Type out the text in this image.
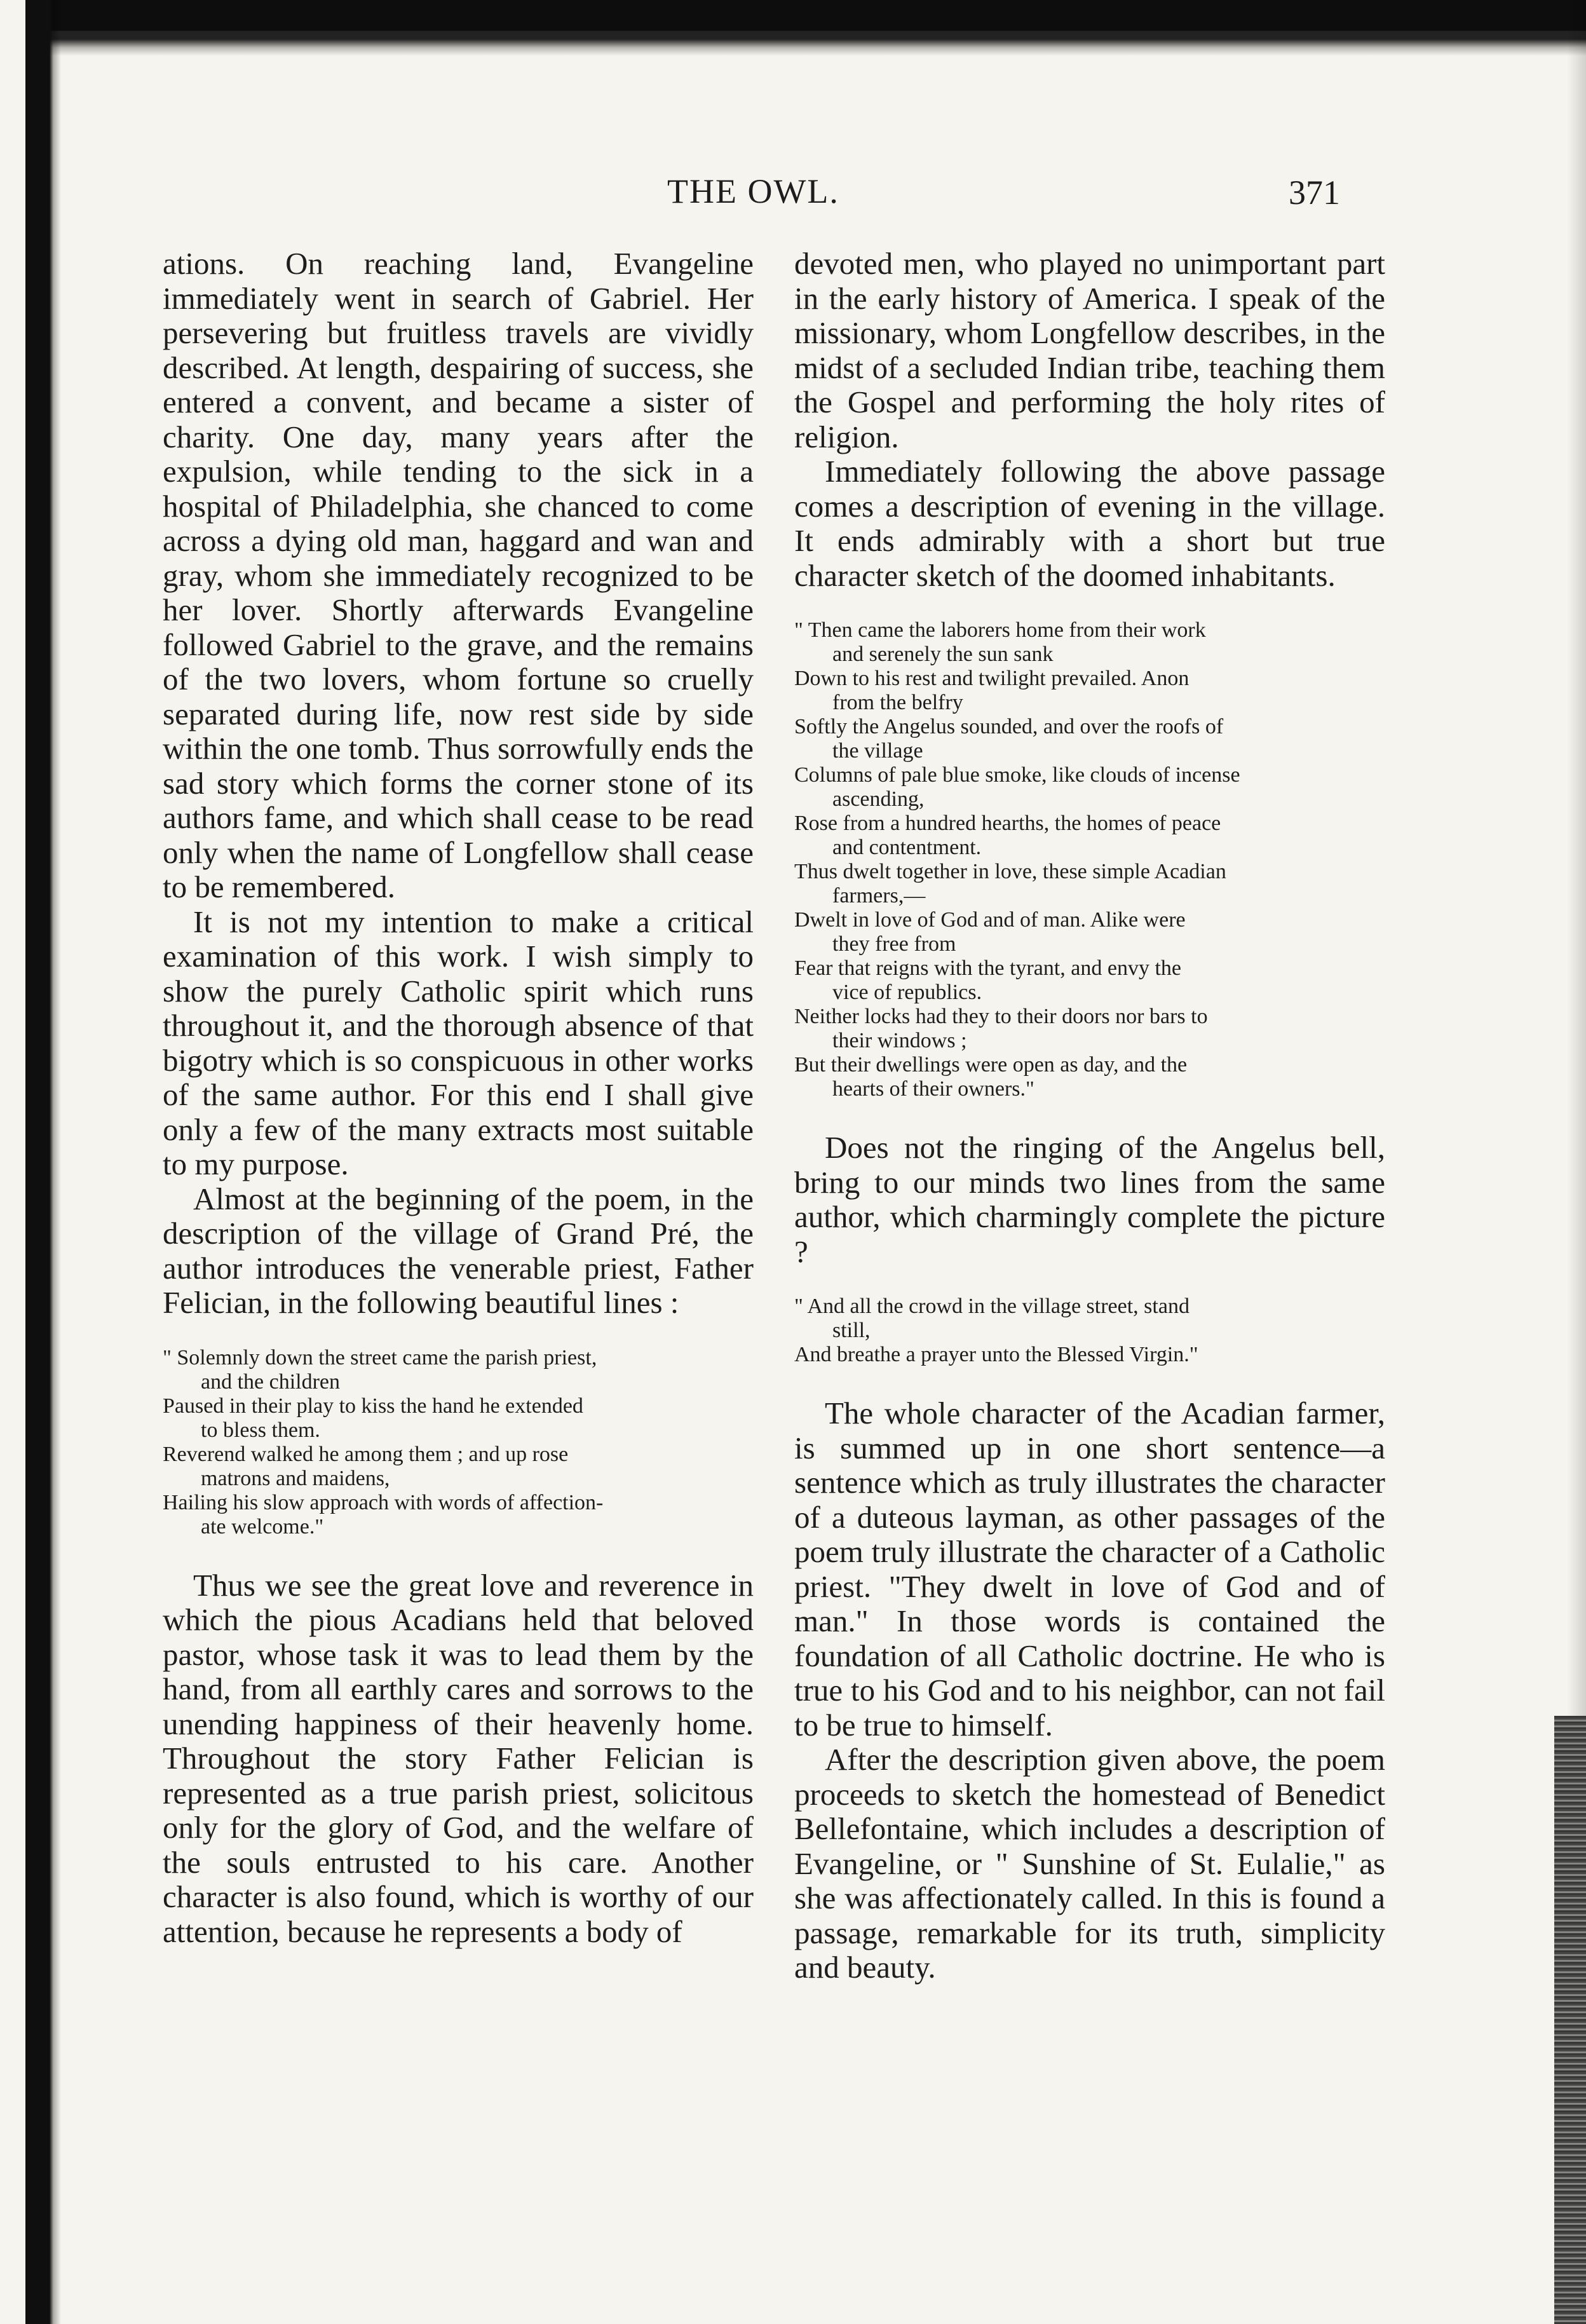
THE OWL.	371

ations. On reaching land, Evangeline immediately went in search of Gabriel. Her persevering but fruitless travels are vividly described. At length, despairing of success, she entered a convent, and became a sister of charity. One day, many years after the expulsion, while tending to the sick in a hospital of Philadelphia, she chanced to come across a dying old man, haggard and wan and gray, whom she immediately recognized to be her lover. Shortly afterwards Evangeline followed Gabriel to the grave, and the remains of the two lovers, whom fortune so cruelly separated during life, now rest side by side within the one tomb. Thus sorrowfully ends the sad story which forms the corner stone of its authors fame, and which shall cease to be read only when the name of Longfellow shall cease to be remembered.

It is not my intention to make a critical examination of this work. I wish simply to show the purely Catholic spirit which runs throughout it, and the thorough absence of that bigotry which is so conspicuous in other works of the same author. For this end I shall give only a few of the many extracts most suitable to my purpose.

Almost at the beginning of the poem, in the description of the village of Grand Pré, the author introduces the venerable priest, Father Felician, in the following beautiful lines :

" Solemnly down the street came the parish priest,
and the children
Paused in their play to kiss the hand he extended
to bless them.
Reverend walked he among them ; and up rose
matrons and maidens,
Hailing his slow approach with words of affection-
ate welcome."

Thus we see the great love and reverence in which the pious Acadians held that beloved pastor, whose task it was to lead them by the hand, from all earthly cares and sorrows to the unending happiness of their heavenly home. Throughout the story Father Felician is represented as a true parish priest, solicitous only for the glory of God, and the welfare of the souls entrusted to his care. Another character is also found, which is worthy of our attention, because he represents a body of

devoted men, who played no unimportant part in the early history of America. I speak of the missionary, whom Longfellow describes, in the midst of a secluded Indian tribe, teaching them the Gospel and performing the holy rites of religion.

Immediately following the above passage comes a description of evening in the village. It ends admirably with a short but true character sketch of the doomed inhabitants.

" Then came the laborers home from their work
and serenely the sun sank
Down to his rest and twilight prevailed. Anon
from the belfry
Softly the Angelus sounded, and over the roofs of
the village
Columns of pale blue smoke, like clouds of incense
ascending,
Rose from a hundred hearths, the homes of peace
and contentment.
Thus dwelt together in love, these simple Acadian
farmers,—
Dwelt in love of God and of man. Alike were
they free from
Fear that reigns with the tyrant, and envy the
vice of republics.
Neither locks had they to their doors nor bars to
their windows ;
But their dwellings were open as day, and the
hearts of their owners."

Does not the ringing of the Angelus bell, bring to our minds two lines from the same author, which charmingly complete the picture ?

" And all the crowd in the village street, stand
still,
And breathe a prayer unto the Blessed Virgin."

The whole character of the Acadian farmer, is summed up in one short sentence—a sentence which as truly illustrates the character of a duteous layman, as other passages of the poem truly illustrate the character of a Catholic priest. "They dwelt in love of God and of man." In those words is contained the foundation of all Catholic doctrine. He who is true to his God and to his neighbor, can not fail to be true to himself.

After the description given above, the poem proceeds to sketch the homestead of Benedict Bellefontaine, which includes a description of Evangeline, or " Sunshine of St. Eulalie," as she was affectionately called. In this is found a passage, remarkable for its truth, simplicity and beauty.
